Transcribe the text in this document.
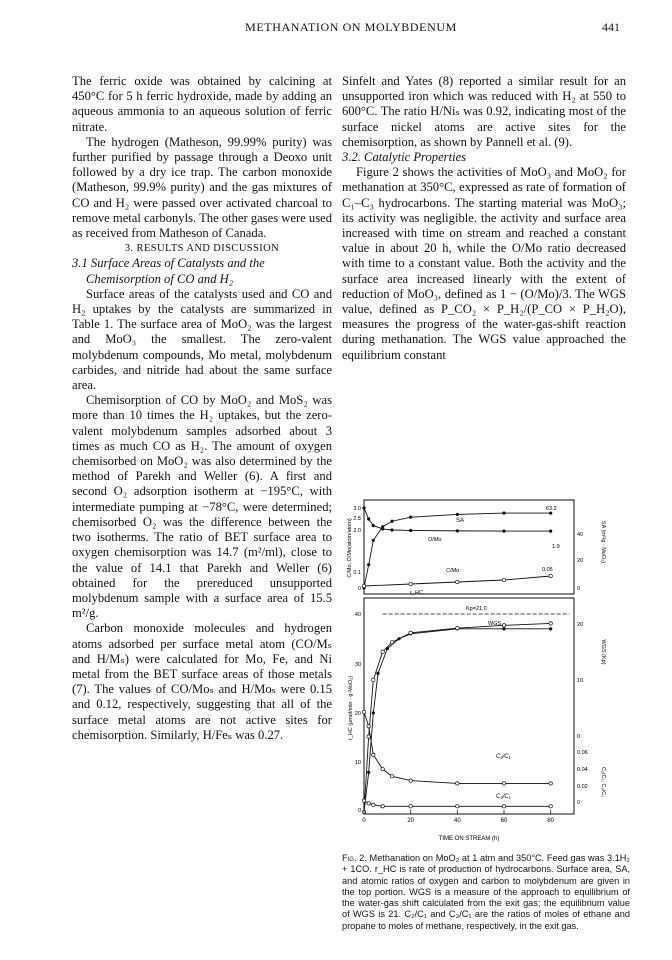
METHANATION ON MOLYBDENUM	441

The ferric oxide was obtained by calcining at 450°C for 5 h ferric hydroxide, made by adding an aqueous ammonia to an aqueous solution of ferric nitrate.

The hydrogen (Matheson, 99.99% purity) was further purified by passage through a Deoxo unit followed by a dry ice trap. The carbon monoxide (Matheson, 99.9% purity) and the gas mixtures of CO and H₂ were passed over activated charcoal to remove metal carbonyls. The other gases were used as received from Matheson of Canada.

3. RESULTS AND DISCUSSION

3.1 Surface Areas of Catalysts and the Chemisorption of CO and H₂

Surface areas of the catalysts used and CO and H₂ uptakes by the catalysts are summarized in Table 1. The surface area of MoO₂ was the largest and MoO₃ the smallest. The zero-valent molybdenum compounds, Mo metal, molybdenum carbides, and nitride had about the same surface area.

Chemisorption of CO by MoO₂ and MoS₂ was more than 10 times the H₂ uptakes, but the zero-valent molybdenum samples adsorbed about 3 times as much CO as H₂. The amount of oxygen chemisorbed on MoO₂ was also determined by the method of Parekh and Weller (6). A first and second O₂ adsorption isotherm at −195°C, with intermediate pumping at −78°C, were determined; chemisorbed O₂ was the difference between the two isotherms. The ratio of BET surface area to oxygen chemisorption was 14.7 (m²/ml), close to the value of 14.1 that Parekh and Weller (6) obtained for the prereduced unsupported molybdenum sample with a surface area of 15.5 m²/g.

Carbon monoxide molecules and hydrogen atoms adsorbed per surface metal atom (CO/Mₛ and H/Mₛ) were calculated for Mo, Fe, and Ni metal from the BET surface areas of those metals (7). The values of CO/Moₛ and H/Moₛ were 0.15 and 0.12, respectively, suggesting that all of the surface metal atoms are not active sites for chemisorption. Similarly, H/Feₛ was 0.27.

Sinfelt and Yates (8) reported a similar result for an unsupported iron which was reduced with H₂ at 550 to 600°C. The ratio H/Niₛ was 0.92, indicating most of the surface nickel atoms are active sites for the chemisorption, as shown by Pannell et al. (9).

3.2. Catalytic Properties

Figure 2 shows the activities of MoO₃ and MoO₂ for methanation at 350°C, expressed as rate of formation of C₁–C₃ hydrocarbons. The starting material was MoO₃; its activity was negligible. the activity and surface area increased with time on stream and reached a constant value in about 20 h, while the O/Mo ratio decreased with time to a constant value. Both the activity and the surface area increased linearly with the extent of reduction of MoO₃, defined as 1 − (O/Mo)/3. The WGS value, defined as P_CO₂ × P_H₂/(P_CO × P_H₂O), measures the progress of the water-gas-shift reaction during methanation. The WGS value approached the equilibrium constant

0	20	40	60	80
3.0
2.5
2.0
0.1
0
40
20
0
40
30
20
10
0
20
10
0
0.06
0.04
0.02
0
SA
63.2
O/Mo
1.9
C/Mo	0.05
r_HC
Kp=21.0
WGS
C₂/C₁
C₃/C₁
TIME ON STREAM (h)
C/Mo, O/Mo(atom/atom)	SA (m²/g - MoO₂)
r_HC (μmol/min · g-MoO₂)
WGS (Kp)
C₂/C₁, C₃/C₁
Fig. 2. Methanation on MoO₂ at 1 atm and 350°C. Feed gas was 3.1H₂ + 1CO. r_HC is rate of production of hydrocarbons. Surface area, SA, and atomic ratios of oxygen and carbon to molybdenum are given in the top portion. WGS is a measure of the approach to equilibrium of the water-gas shift calculated from the exit gas; the equilibrium value of WGS is 21. C₂/C₁ and C₃/C₁ are the ratios of moles of ethane and propane to moles of methane, respectively, in the exit gas.
